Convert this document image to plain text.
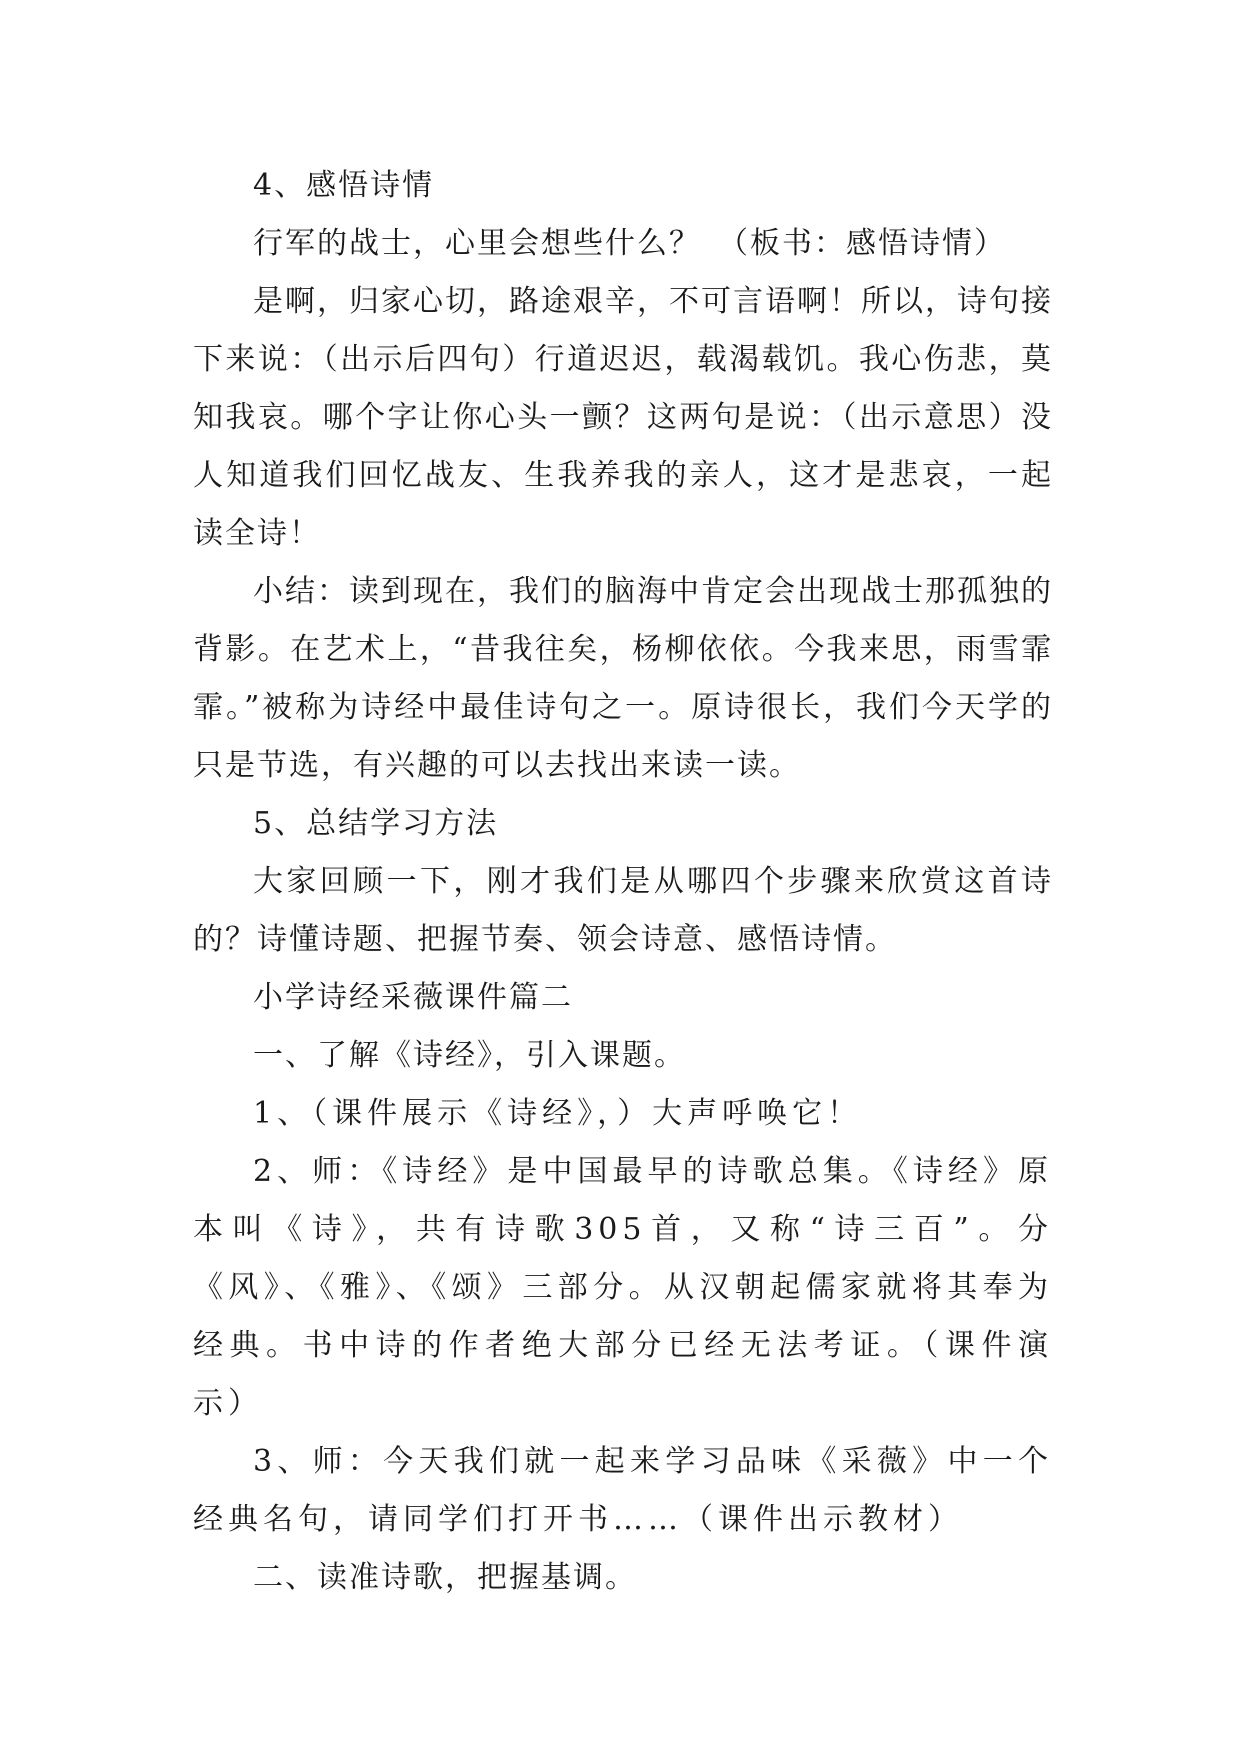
4、感悟诗情

行军的战士，心里会想些什么？　（板书：感悟诗情）

是啊，归家心切，路途艰辛，不可言语啊！所以，诗句接下来说：（出示后四句）行道迟迟，载渴载饥。我心伤悲，莫知我哀。哪个字让你心头一颤？这两句是说：（出示意思）没人知道我们回忆战友、生我养我的亲人，这才是悲哀，一起读全诗！

小结：读到现在，我们的脑海中肯定会出现战士那孤独的背影。在艺术上，“昔我往矣，杨柳依依。今我来思，雨雪霏霏。”被称为诗经中最佳诗句之一。原诗很长，我们今天学的只是节选，有兴趣的可以去找出来读一读。

5、总结学习方法

大家回顾一下，刚才我们是从哪四个步骤来欣赏这首诗的？诗懂诗题、把握节奏、领会诗意、感悟诗情。

小学诗经采薇课件篇二

一、了解《诗经》，引入课题。

1、（课件展示《诗经》，）大声呼唤它！

2、师：《诗经》是中国最早的诗歌总集。《诗经》原本叫《诗》，共有诗歌305首，又称“诗三百”。分《风》、《雅》、《颂》三部分。从汉朝起儒家就将其奉为经典。书中诗的作者绝大部分已经无法考证。（课件演示）

3、师：今天我们就一起来学习品味《采薇》中一个经典名句，请同学们打开书……（课件出示教材）

二、读准诗歌，把握基调。
